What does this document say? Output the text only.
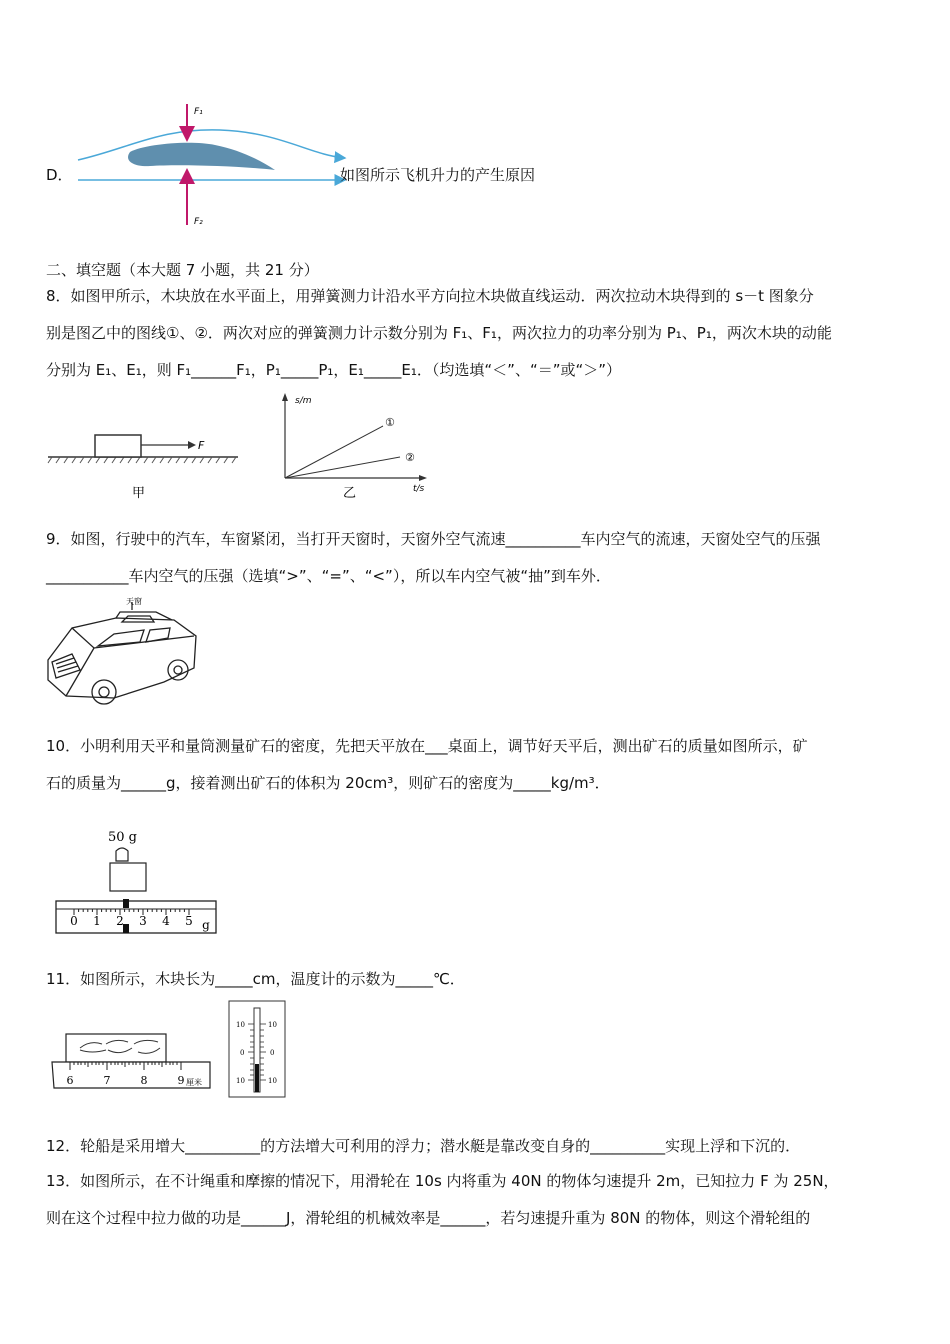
D．
F₁
F₂
如图所示飞机升力的产生原因
二、填空题（本大题 7 小题，共 21 分）
8．如图甲所示，木块放在水平面上，用弹簧测力计沿水平方向拉木块做直线运动．两次拉动木块得到的 s－t 图象分
别是图乙中的图线①、②．两次对应的弹簧测力计示数分别为 F₁、F₁，两次拉力的功率分别为 P₁、P₁，两次木块的动能
分别为 E₁、E₁，则 F₁______F₁，P₁_____P₁，E₁_____E₁．（均选填“＜”、“＝”或“＞”）
F
甲
s/m
t/s
①
②
乙
9．如图，行驶中的汽车，车窗紧闭，当打开天窗时，天窗外空气流速__________车内空气的流速，天窗处空气的压强
___________车内空气的压强（选填“>”、“=”、“<”），所以车内空气被“抽”到车外．
天窗
10．小明利用天平和量筒测量矿石的密度，先把天平放在___桌面上，调节好天平后，测出矿石的质量如图所示，矿
石的质量为______g，接着测出矿石的体积为 20cm³，则矿石的密度为_____kg/m³．
50 g
0 1 2 3 4 5 g
11．如图所示，木块长为_____cm，温度计的示数为_____℃．
6	7	8	9 厘米
10
0
10
10
0
10
12．轮船是采用增大__________的方法增大可利用的浮力；潜水艇是靠改变自身的__________实现上浮和下沉的．
13．如图所示，在不计绳重和摩擦的情况下，用滑轮在 10s 内将重为 40N 的物体匀速提升 2m，已知拉力 F 为 25N，
则在这个过程中拉力做的功是______J，滑轮组的机械效率是______，若匀速提升重为 80N 的物体，则这个滑轮组的
